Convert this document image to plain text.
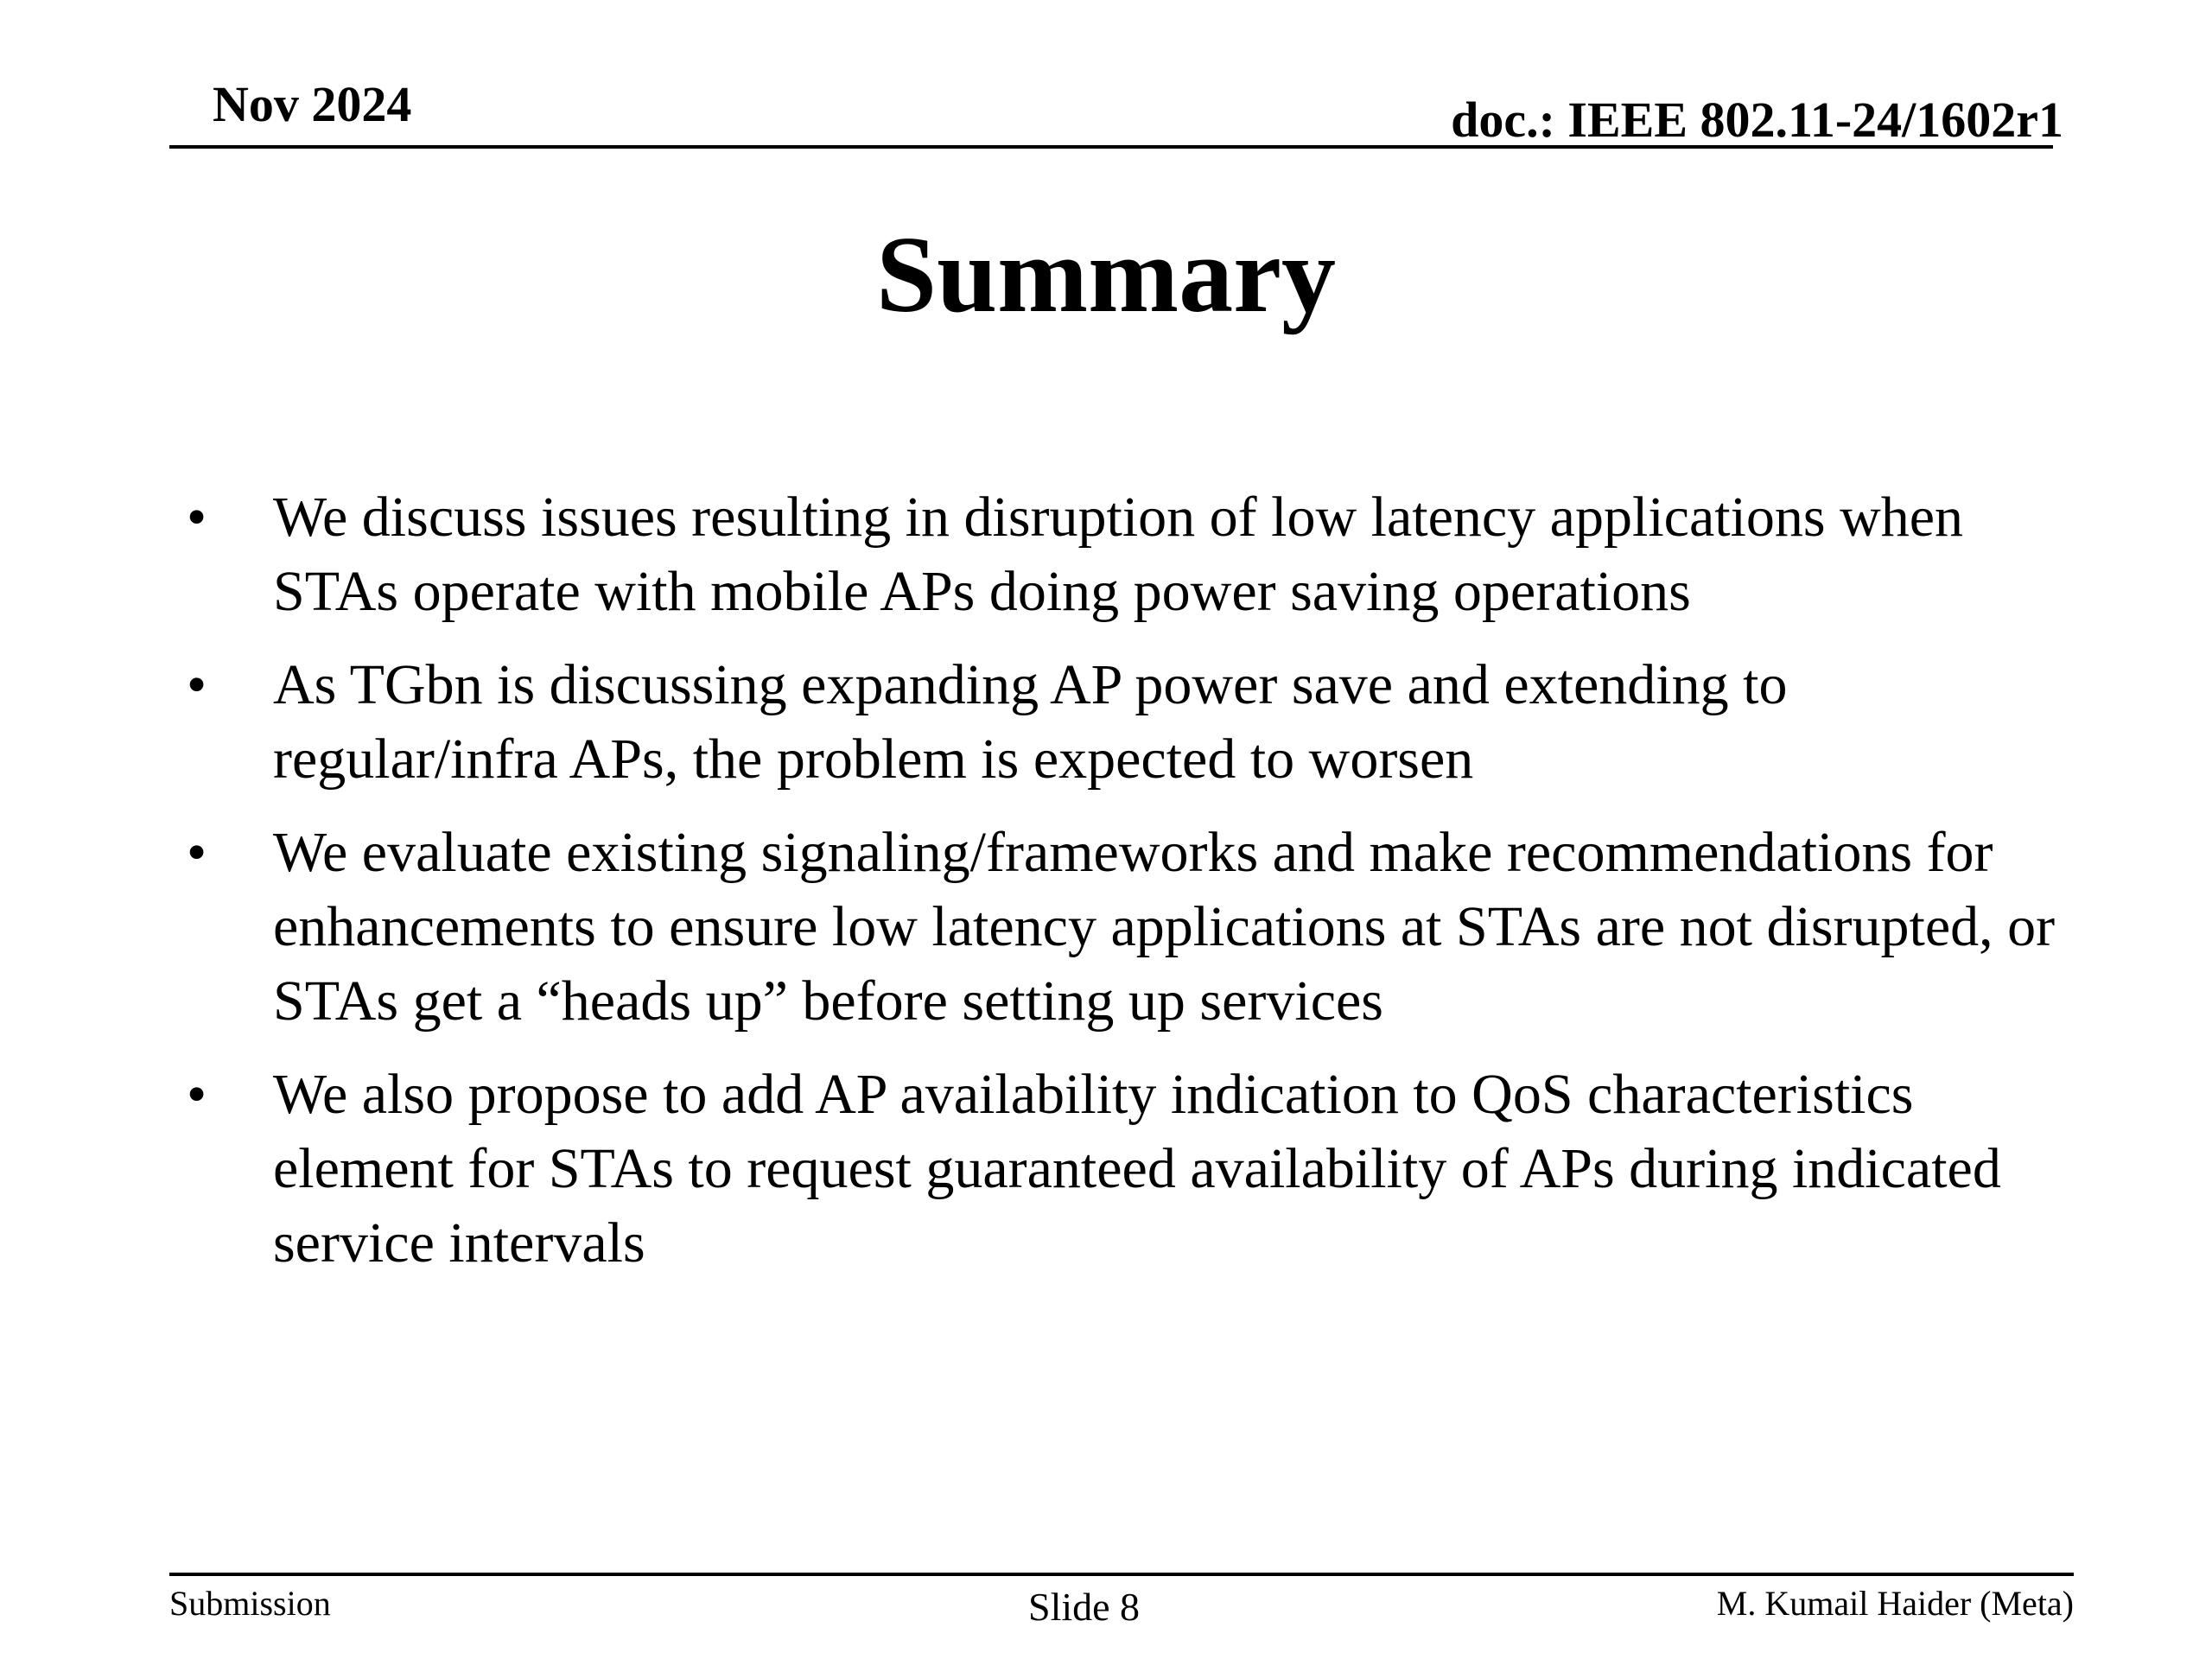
Nov 2024	doc.: IEEE 802.11-24/1602r1
Summary
• We discuss issues resulting in disruption of low latency applications when STAs operate with mobile APs doing power saving operations
• As TGbn is discussing expanding AP power save and extending to regular/infra APs, the problem is expected to worsen
• We evaluate existing signaling/frameworks and make recommendations for enhancements to ensure low latency applications at STAs are not disrupted, or STAs get a “heads up” before setting up services
• We also propose to add AP availability indication to QoS characteristics element for STAs to request guaranteed availability of APs during indicated service intervals
Submission	Slide 8	M. Kumail Haider (Meta)
